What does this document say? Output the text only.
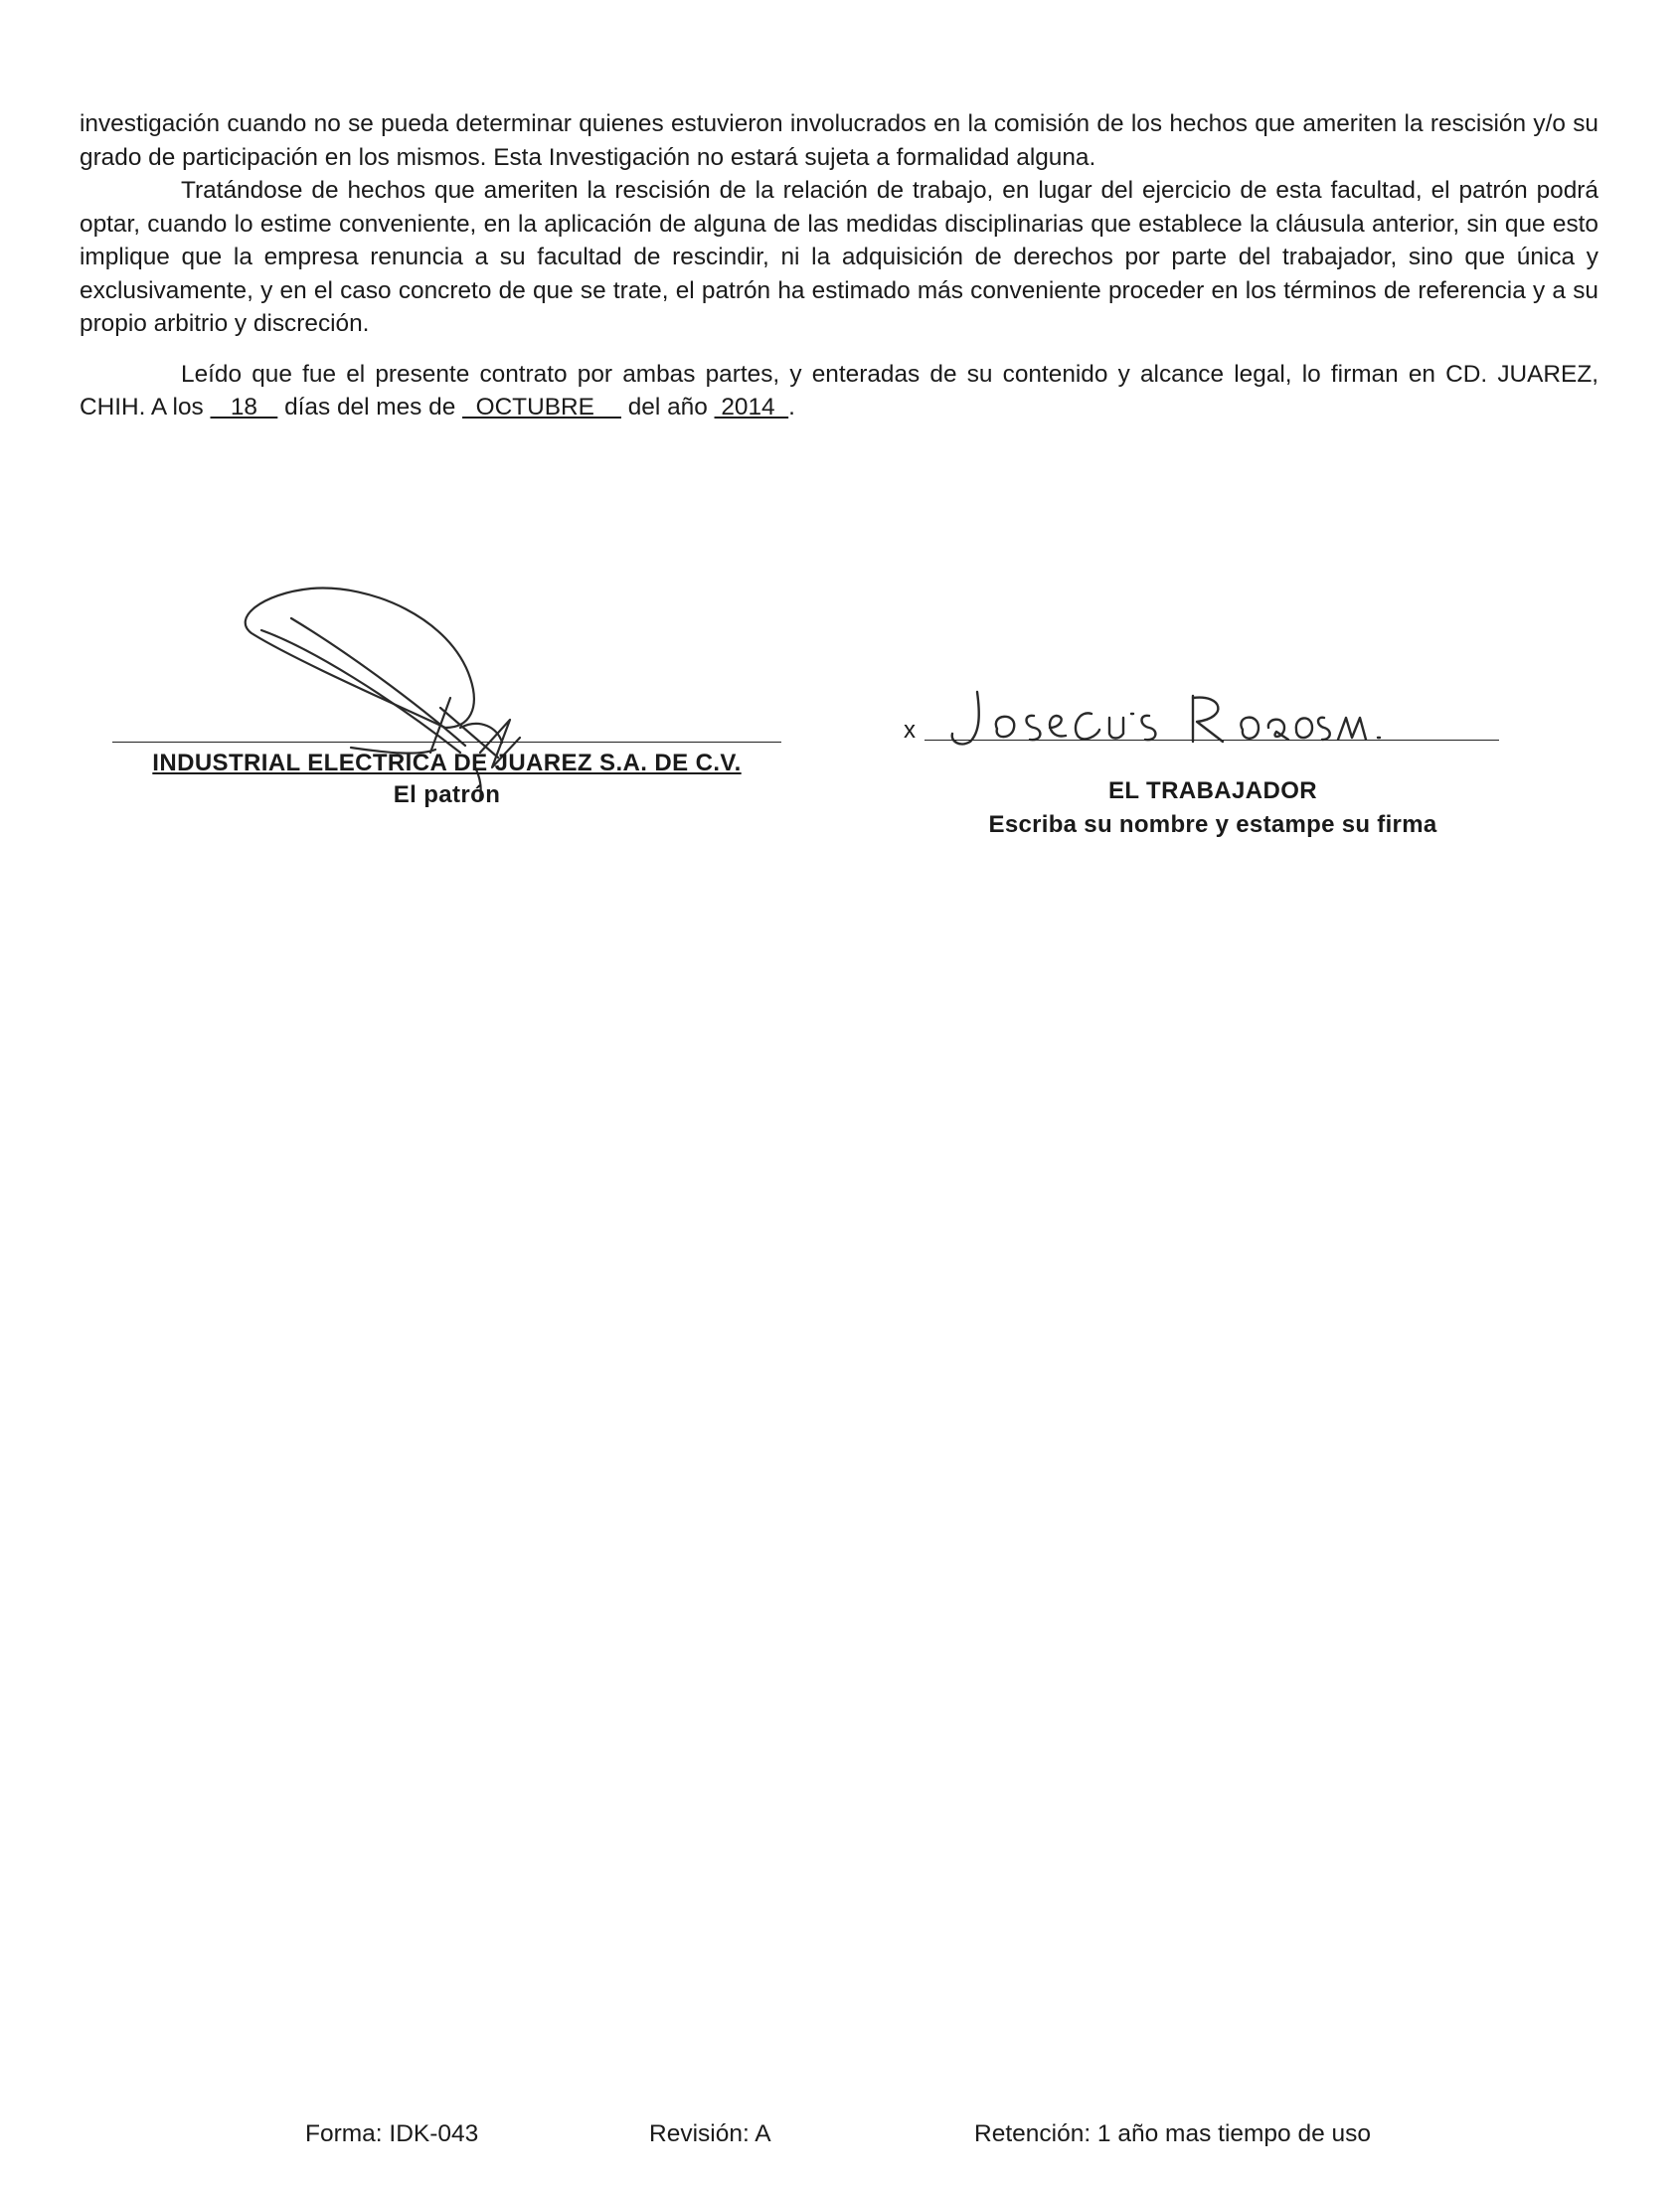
investigación cuando no se pueda determinar quienes estuvieron involucrados en la comisión de los hechos que ameriten la rescisión y/o su grado de participación en los mismos. Esta Investigación no estará sujeta a formalidad alguna.

Tratándose de hechos que ameriten la rescisión de la relación de trabajo, en lugar del ejercicio de esta facultad, el patrón podrá optar, cuando lo estime conveniente, en la aplicación de alguna de las medidas disciplinarias que establece la cláusula anterior, sin que esto implique que la empresa renuncia a su facultad de rescindir, ni la adquisición de derechos por parte del trabajador, sino que única y exclusivamente, y en el caso concreto de que se trate, el patrón ha estimado más conveniente proceder en los términos de referencia y a su propio arbitrio y discreción.

Leído que fue el presente contrato por ambas partes, y enteradas de su contenido y alcance legal, lo firman en CD. JUAREZ, CHIH. A los    18    días del mes de   OCTUBRE     del año  2014  .

INDUSTRIAL ELECTRICA DE JUAREZ S.A. DE C.V.
El patrón
x
EL TRABAJADOR
Escriba su nombre y estampe su firma
Forma: IDK-043	Revisión: A	Retención: 1 año mas tiempo de uso
